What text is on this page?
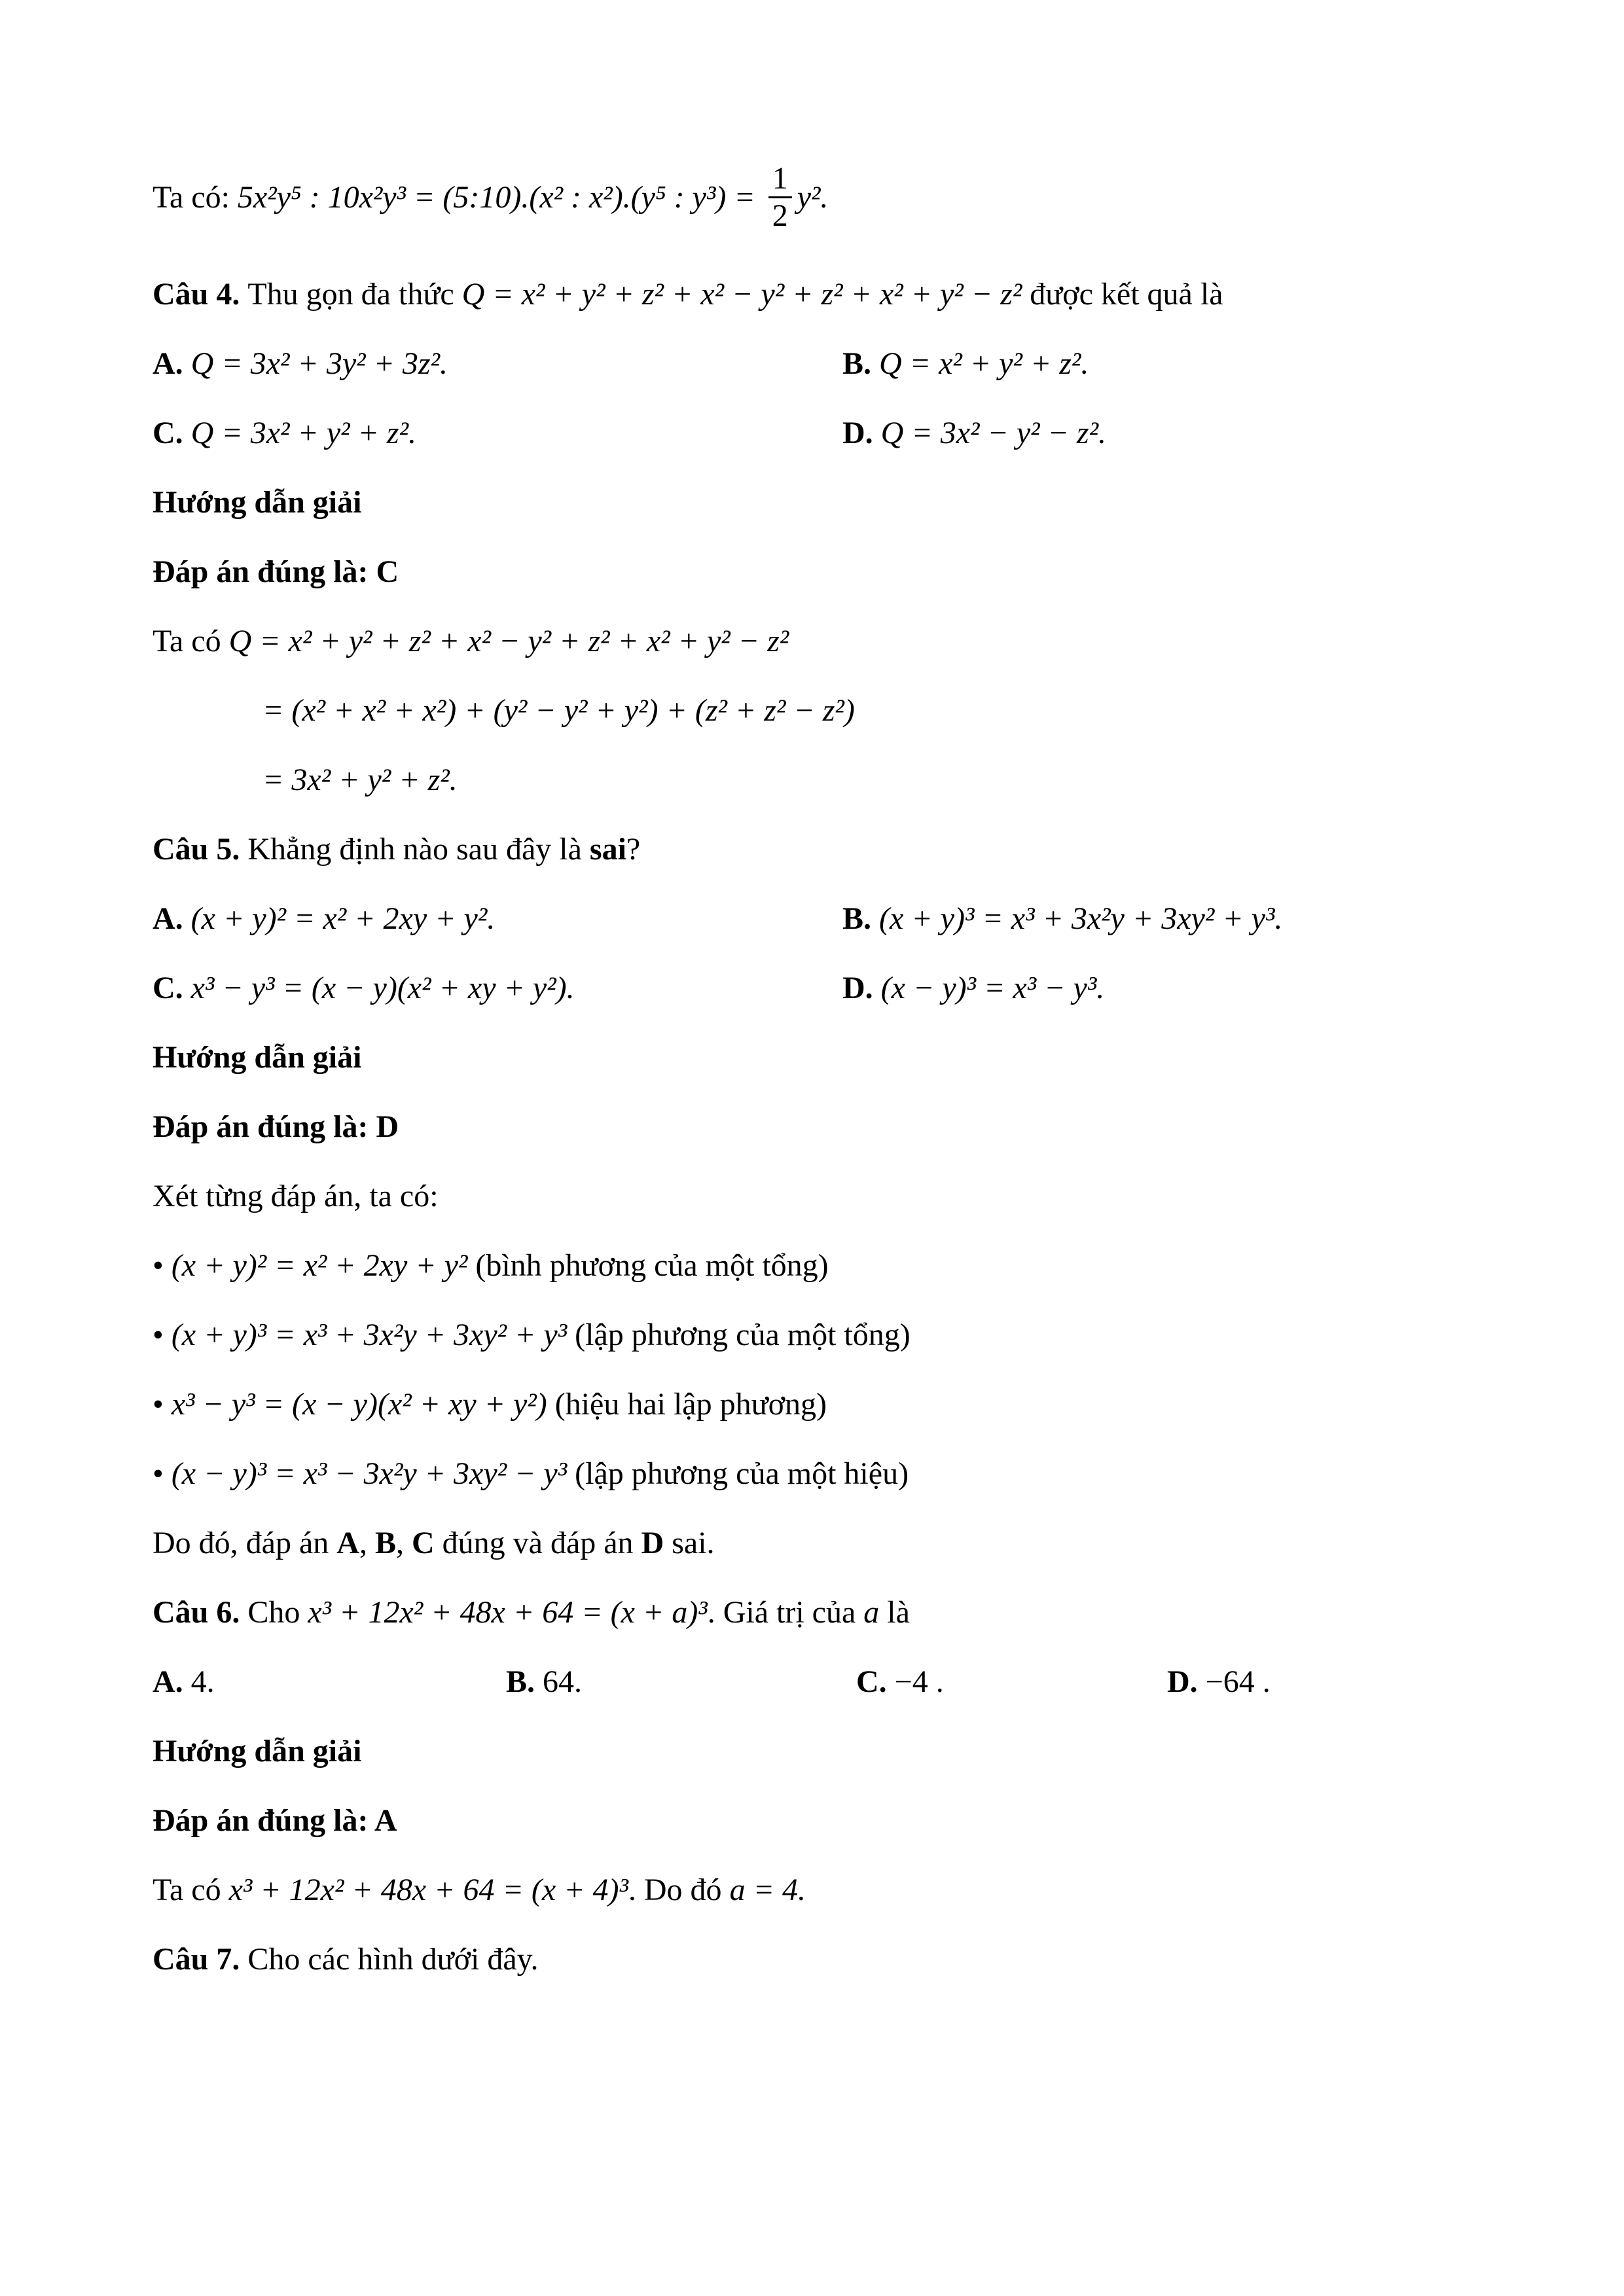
Ta có: 5x²y⁵ : 10x²y³ = (5:10).(x² : x²).(y⁵ : $y^3) = \frac{1}{2} y^2$.
Câu 4. Thu gọn đa thức Q = x² + y² + z² + x² − y² + z² + x² + y² − z² được kết quả là
A. Q = 3x² + 3y² + 3z².	B. Q = x² + y² + z².
C. Q = 3x² + y² + z².	D. Q = 3x² − y² − z².
Hướng dẫn giải
Đáp án đúng là: C
Ta có Q = x² + y² + z² + x² − y² + z² + x² + y² − z²
= (x² + x² + x²) + (y² − y² + y²) + (z² + z² − z²)
= 3x² + y² + z².
Câu 5. Khẳng định nào sau đây là sai?
A. (x + y)² = x² + 2xy + y².	B. (x + y)³ = x³ + 3x²y + 3xy² + y³.
C. x³ − y³ = (x − y)(x² + xy + y²).	D. (x − y)³ = x³ − y³.
Hướng dẫn giải
Đáp án đúng là: D
Xét từng đáp án, ta có:
• (x + y)² = x² + 2xy + y² (bình phương của một tổng)
• (x + y)³ = x³ + 3x²y + 3xy² + y³ (lập phương của một tổng)
• x³ − y³ = (x − y)(x² + xy + y²) (hiệu hai lập phương)
• (x − y)³ = x³ − 3x²y + 3xy² − y³ (lập phương của một hiệu)
Do đó, đáp án A, B, C đúng và đáp án D sai.
Câu 6. Cho x³ + 12x² + 48x + 64 = (x + a)³. Giá trị của a là
A. 4.	B. 64.	C. −4 .	D. −64 .
Hướng dẫn giải
Đáp án đúng là: A
Ta có x³ + 12x² + 48x + 64 = (x + 4)³. Do đó a = 4.
Câu 7. Cho các hình dưới đây.
